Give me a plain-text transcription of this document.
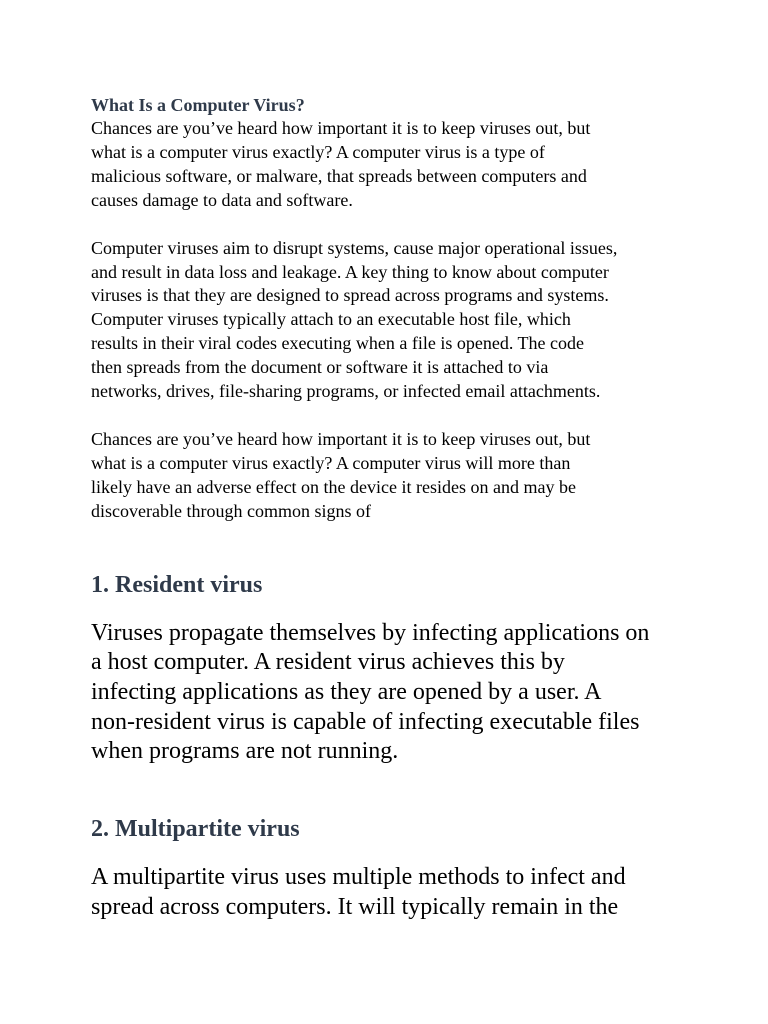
What Is a Computer Virus?

Chances are you’ve heard how important it is to keep viruses out, but
what is a computer virus exactly? A computer virus is a type of
malicious software, or malware, that spreads between computers and
causes damage to data and software.

Computer viruses aim to disrupt systems, cause major operational issues,
and result in data loss and leakage. A key thing to know about computer
viruses is that they are designed to spread across programs and systems.
Computer viruses typically attach to an executable host file, which
results in their viral codes executing when a file is opened. The code
then spreads from the document or software it is attached to via
networks, drives, file-sharing programs, or infected email attachments.

Chances are you’ve heard how important it is to keep viruses out, but
what is a computer virus exactly? A computer virus will more than
likely have an adverse effect on the device it resides on and may be
discoverable through common signs of

1. Resident virus

Viruses propagate themselves by infecting applications on
a host computer. A resident virus achieves this by
infecting applications as they are opened by a user. A
non-resident virus is capable of infecting executable files
when programs are not running.

2. Multipartite virus

A multipartite virus uses multiple methods to infect and
spread across computers. It will typically remain in the
